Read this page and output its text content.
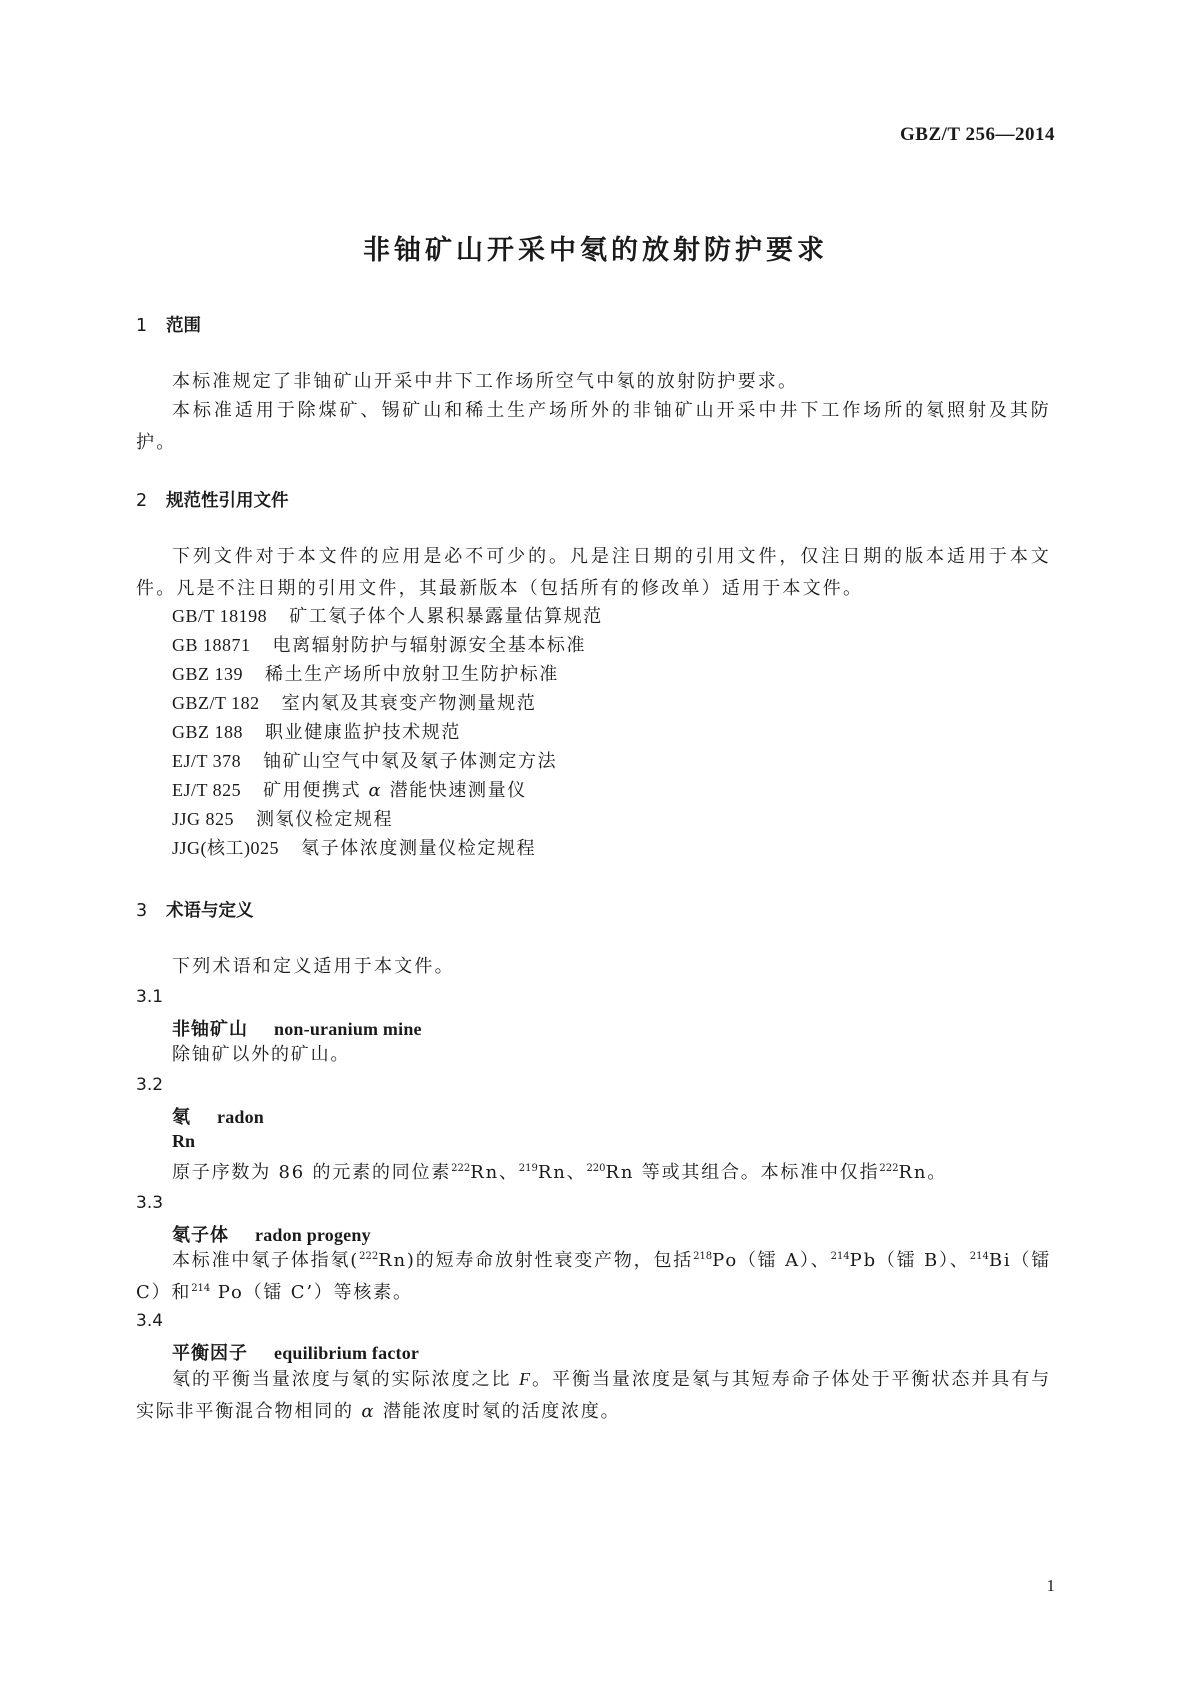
GBZ/T 256—2014
非铀矿山开采中氡的放射防护要求
1 范围

本标准规定了非铀矿山开采中井下工作场所空气中氡的放射防护要求。

本标准适用于除煤矿、锡矿山和稀土生产场所外的非铀矿山开采中井下工作场所的氡照射及其防护。

2 规范性引用文件

下列文件对于本文件的应用是必不可少的。凡是注日期的引用文件，仅注日期的版本适用于本文件。凡是不注日期的引用文件，其最新版本（包括所有的修改单）适用于本文件。

GB/T 18198 矿工氡子体个人累积暴露量估算规范

GB 18871 电离辐射防护与辐射源安全基本标准

GBZ 139 稀土生产场所中放射卫生防护标准

GBZ/T 182 室内氡及其衰变产物测量规范

GBZ 188 职业健康监护技术规范

EJ/T 378 铀矿山空气中氡及氡子体测定方法

EJ/T 825 矿用便携式 α 潜能快速测量仪

JJG 825 测氡仪检定规程

JJG(核工)025 氡子体浓度测量仪检定规程

3 术语与定义

下列术语和定义适用于本文件。

3.1

非铀矿山 non-uranium mine

除铀矿以外的矿山。

3.2

氡 radon

Rn

原子序数为 86 的元素的同位素$^{222}$Rn、$^{219}$Rn、$^{220}$Rn 等或其组合。本标准中仅指$^{222}$Rn。

3.3

氡子体 radon progeny

本标准中氡子体指氡($^{222}$Rn)的短寿命放射性衰变产物，包括$^{218}$Po（镭 A）、$^{214}$Pb（镭 B）、$^{214}$Bi（镭 C）和$^{214}$ Po（镭 C’）等核素。

3.4

平衡因子 equilibrium factor

氡的平衡当量浓度与氡的实际浓度之比 F。平衡当量浓度是氡与其短寿命子体处于平衡状态并具有与实际非平衡混合物相同的 α 潜能浓度时氡的活度浓度。

1
